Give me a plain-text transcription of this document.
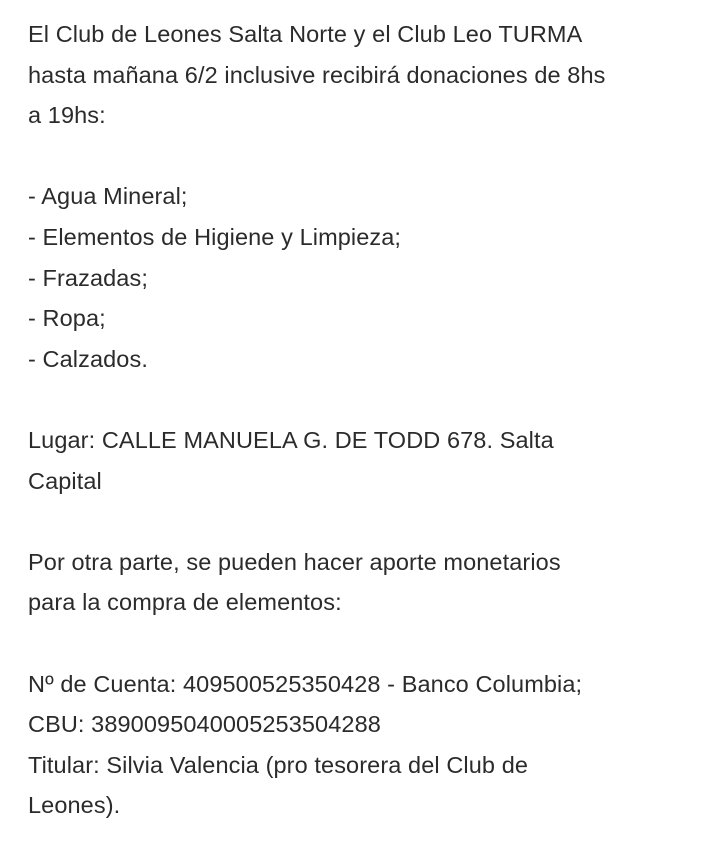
El Club de Leones Salta Norte y el Club Leo TURMA
hasta mañana 6/2 inclusive recibirá donaciones de 8hs
a 19hs:

- Agua Mineral;
- Elementos de Higiene y Limpieza;
- Frazadas;
- Ropa;
- Calzados.

Lugar: CALLE MANUELA G. DE TODD 678. Salta
Capital

Por otra parte, se pueden hacer aporte monetarios
para la compra de elementos:

Nº de Cuenta: 409500525350428 - Banco Columbia;
CBU: 3890095040005253504288
Titular: Silvia Valencia (pro tesorera del Club de
Leones).
